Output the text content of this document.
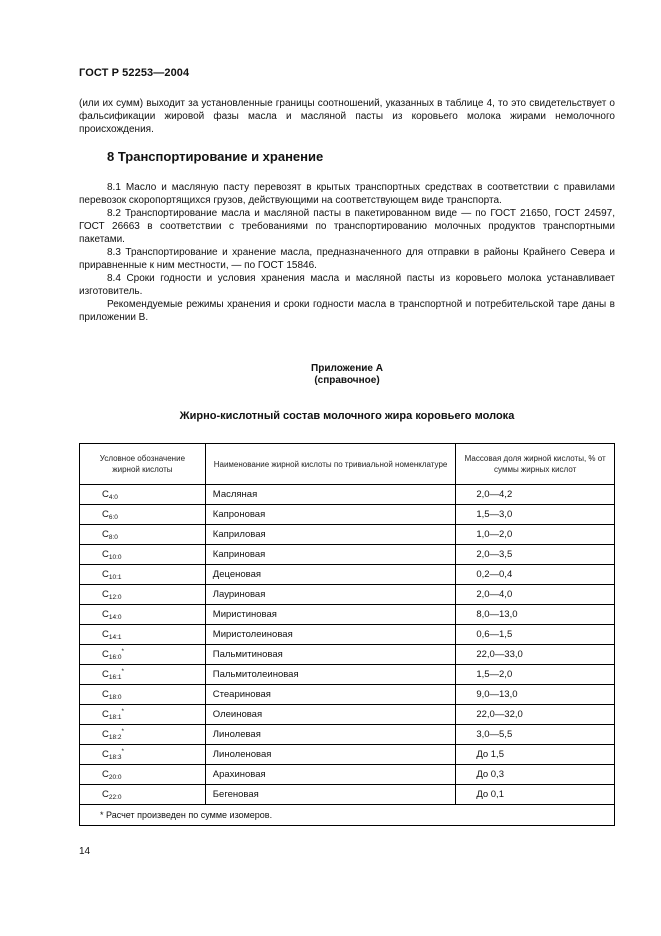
ГОСТ Р 52253—2004
(или их сумм) выходит за установленные границы соотношений, указанных в таблице 4, то это свидетельствует о фальсификации жировой фазы масла и масляной пасты из коровьего молока жирами немолочного происхождения.
8 Транспортирование и хранение
8.1 Масло и масляную пасту перевозят в крытых транспортных средствах в соответствии с правилами перевозок скоропортящихся грузов, действующими на соответствующем виде транспорта.
8.2 Транспортирование масла и масляной пасты в пакетированном виде — по ГОСТ 21650, ГОСТ 24597, ГОСТ 26663 в соответствии с требованиями по транспортированию молочных продуктов транспортными пакетами.
8.3 Транспортирование и хранение масла, предназначенного для отправки в районы Крайнего Севера и приравненные к ним местности, — по ГОСТ 15846.
8.4 Сроки годности и условия хранения масла и масляной пасты из коровьего молока устанавливает изготовитель.
Рекомендуемые режимы хранения и сроки годности масла в транспортной и потребительской таре даны в приложении В.
Приложение А
(справочное)
Жирно-кислотный состав молочного жира коровьего молока
Условное обозначение жирной кислоты	Наименование жирной кислоты по тривиальной номенклатуре	Массовая доля жирной кислоты, % от суммы жирных кислот
$C_{4:0}$	Масляная	2,0—4,2
$C_{6:0}$	Капроновая	1,5—3,0
$C_{8:0}$	Каприловая	1,0—2,0
$C_{10:0}$	Каприновая	2,0—3,5
$C_{10:1}$	Деценовая	0,2—0,4
$C_{12:0}$	Лауриновая	2,0—4,0
$C_{14:0}$	Миристиновая	8,0—13,0
$C_{14:1}$	Миристолеиновая	0,6—1,5
$C_{16:0}^*$	Пальмитиновая	22,0—33,0
$C_{16:1}^*$	Пальмитолеиновая	1,5—2,0
$C_{18:0}$	Стеариновая	9,0—13,0
$C_{18:1}^*$	Олеиновая	22,0—32,0
$C_{18:2}^*$	Линолевая	3,0—5,5
$C_{18:3}^*$	Линоленовая	До 1,5
$C_{20:0}$	Арахиновая	До 0,3
$C_{22:0}$	Бегеновая	До 0,1
* Расчет произведен по сумме изомеров.		
14
